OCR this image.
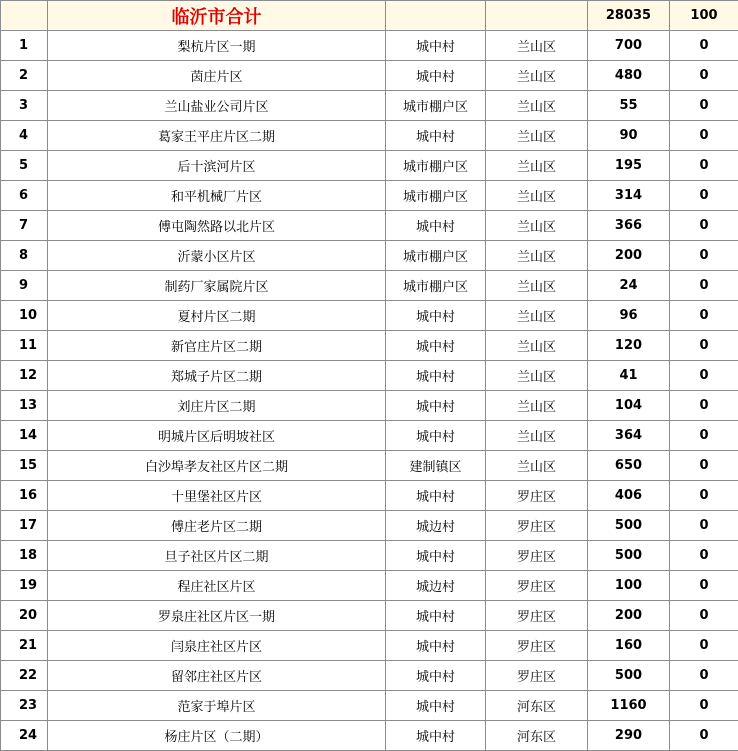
	临沂市合计			28035	100
1	梨杭片区一期	城中村	兰山区	700	0
2	茵庄片区	城中村	兰山区	480	0
3	兰山盐业公司片区	城市棚户区	兰山区	55	0
4	葛家王平庄片区二期	城中村	兰山区	90	0
5	后十滨河片区	城市棚户区	兰山区	195	0
6	和平机械厂片区	城市棚户区	兰山区	314	0
7	傅屯陶然路以北片区	城中村	兰山区	366	0
8	沂蒙小区片区	城市棚户区	兰山区	200	0
9	制药厂家属院片区	城市棚户区	兰山区	24	0
10	夏村片区二期	城中村	兰山区	96	0
11	新官庄片区二期	城中村	兰山区	120	0
12	郑城子片区二期	城中村	兰山区	41	0
13	刘庄片区二期	城中村	兰山区	104	0
14	明城片区后明坡社区	城中村	兰山区	364	0
15	白沙埠孝友社区片区二期	建制镇区	兰山区	650	0
16	十里堡社区片区	城中村	罗庄区	406	0
17	傅庄老片区二期	城边村	罗庄区	500	0
18	旦子社区片区二期	城中村	罗庄区	500	0
19	程庄社区片区	城边村	罗庄区	100	0
20	罗泉庄社区片区一期	城中村	罗庄区	200	0
21	闫泉庄社区片区	城中村	罗庄区	160	0
22	留邻庄社区片区	城中村	罗庄区	500	0
23	范家于埠片区	城中村	河东区	1160	0
24	杨庄片区（二期）	城中村	河东区	290	0
